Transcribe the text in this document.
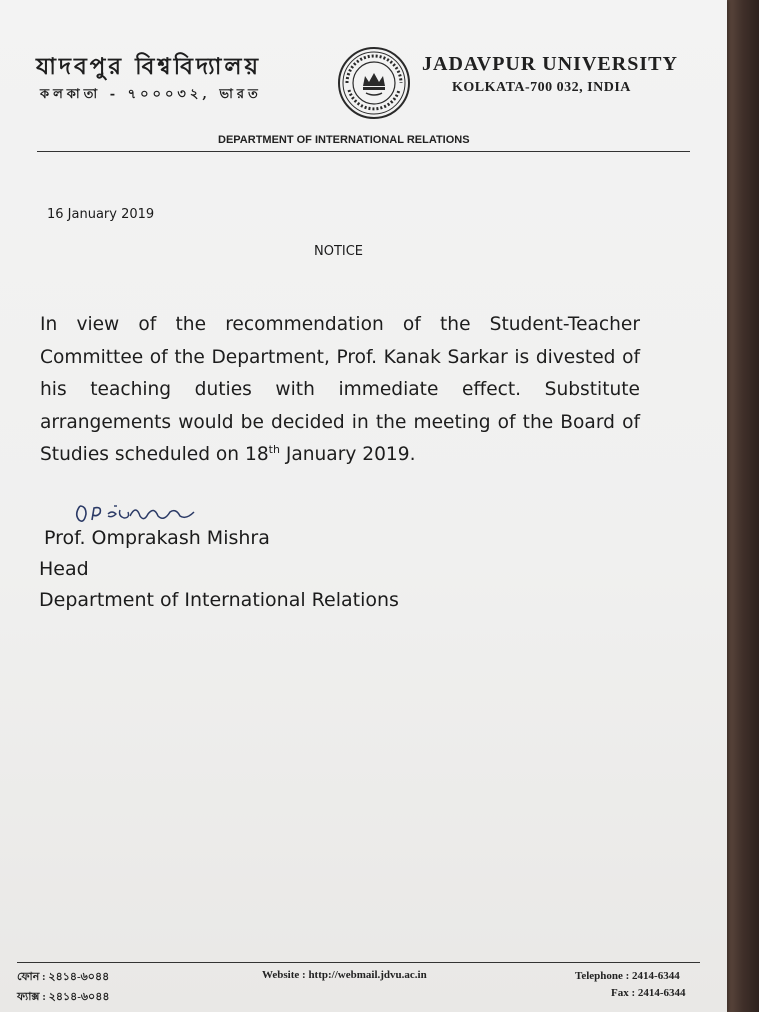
যাদবপুর বিশ্ববিদ্যালয়
কলকাতা - ৭০০০৩২, ভারত
JADAVPUR UNIVERSITY
KOLKATA-700 032, INDIA
DEPARTMENT OF INTERNATIONAL RELATIONS
16 January 2019
NOTICE

In view of the recommendation of the Student-Teacher Committee of the Department, Prof. Kanak Sarkar is divested of his teaching duties with immediate effect. Substitute arrangements would be decided in the meeting of the Board of Studies scheduled on 18th January 2019.

Prof. Omprakash Mishra
Head
Department of International Relations
ফোন : ২৪১৪-৬০৪৪
ফ্যাক্স : ২৪১৪-৬০৪৪
Website : http://webmail.jdvu.ac.in	Telephone : 2414-6344
Fax : 2414-6344
